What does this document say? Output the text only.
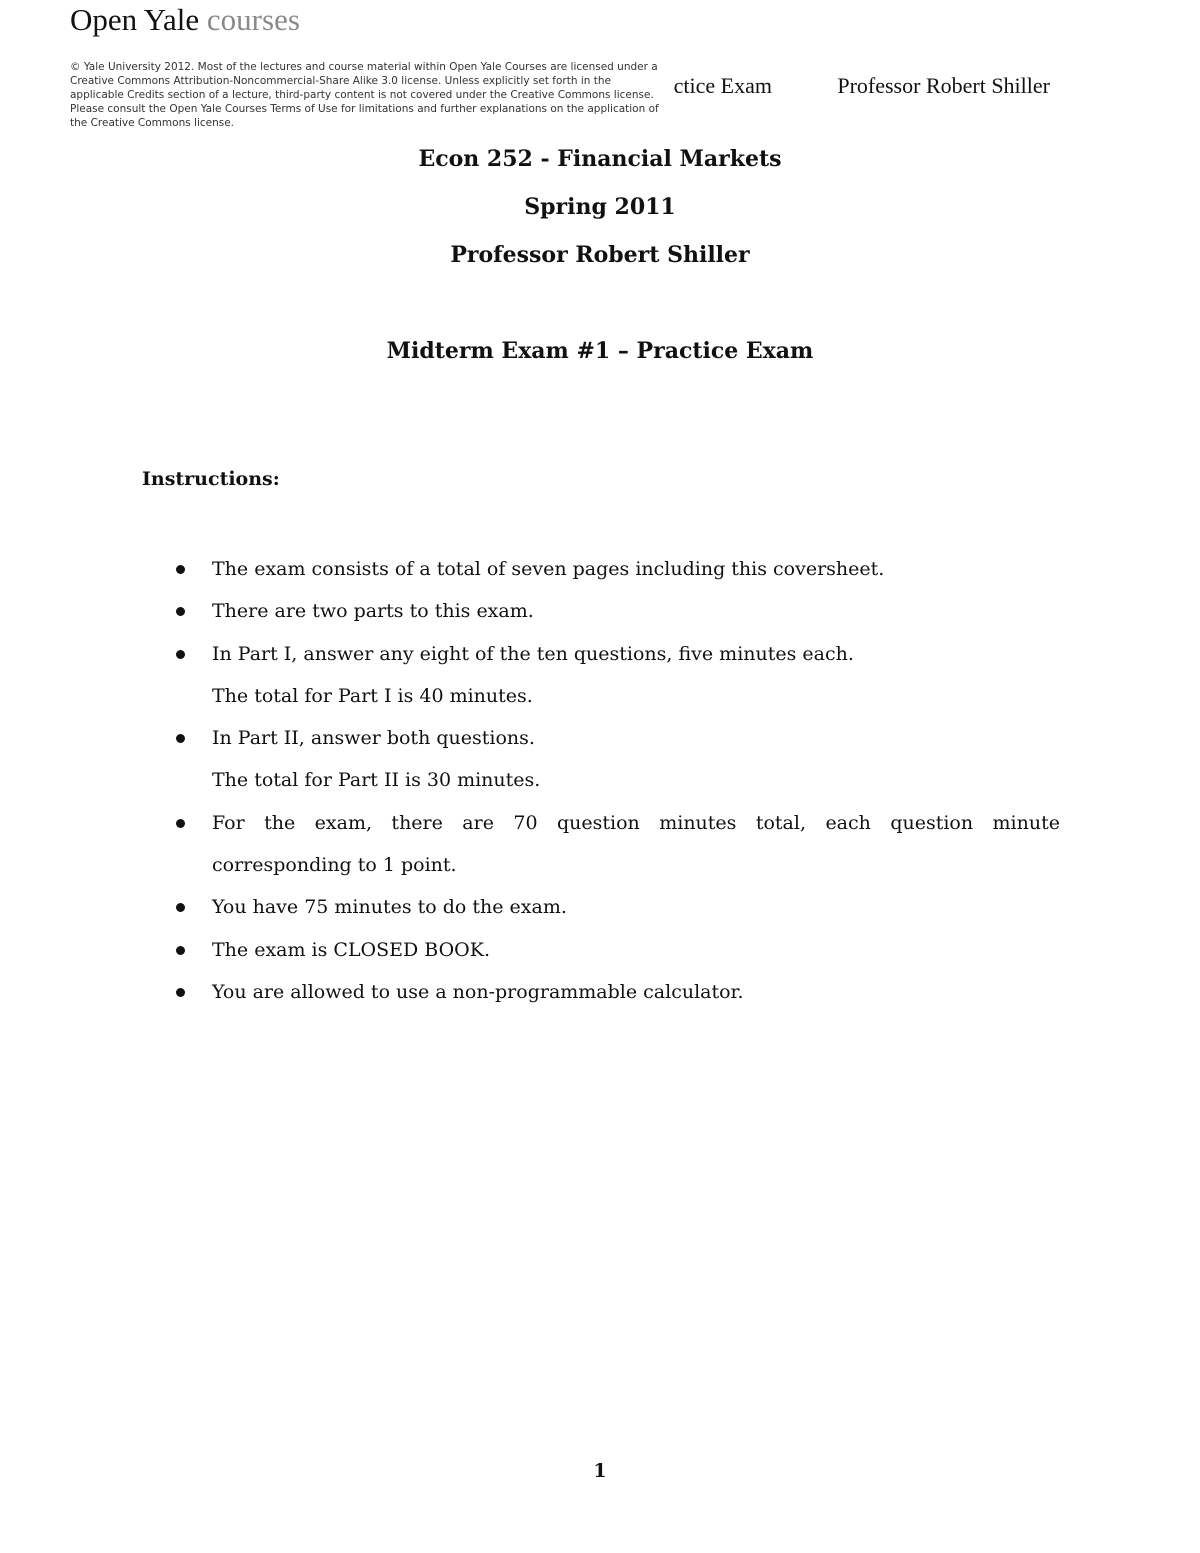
Open Yale courses
ctice Exam	Professor Robert Shiller
© Yale University 2012. Most of the lectures and course material within Open Yale Courses are licensed under a Creative Commons Attribution-Noncommercial-Share Alike 3.0 license. Unless explicitly set forth in the applicable Credits section of a lecture, third-party content is not covered under the Creative Commons license. Please consult the Open Yale Courses Terms of Use for limitations and further explanations on the application of the Creative Commons license.
Econ 252 - Financial Markets
Spring 2011
Professor Robert Shiller
Midterm Exam #1 – Practice Exam
Instructions:
The exam consists of a total of seven pages including this coversheet.
There are two parts to this exam.
In Part I, answer any eight of the ten questions, five minutes each.
The total for Part I is 40 minutes.
In Part II, answer both questions.
The total for Part II is 30 minutes.
For the exam, there are 70 question minutes total, each question minute
corresponding to 1 point.
You have 75 minutes to do the exam.
The exam is CLOSED BOOK.
You are allowed to use a non-programmable calculator.
1
